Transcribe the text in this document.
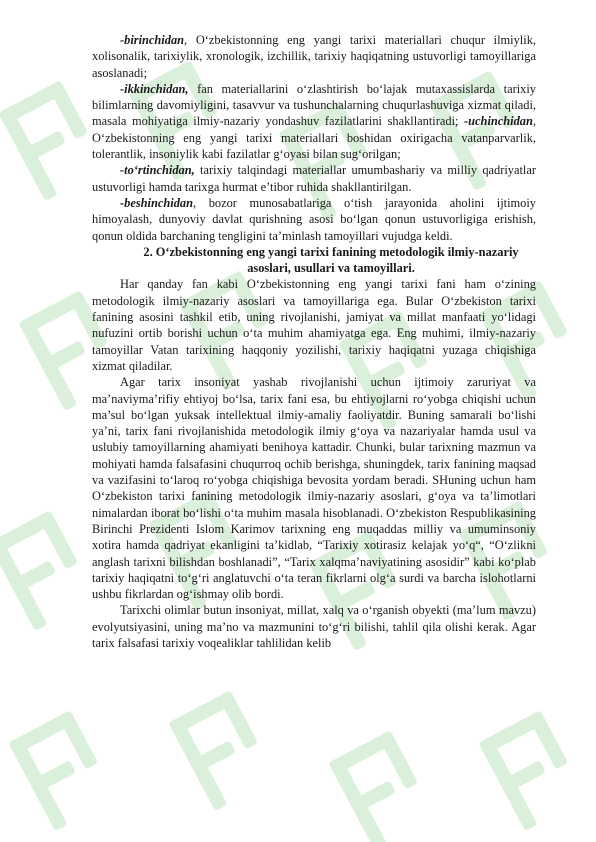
-birinchidan, O‘zbekistonning eng yangi tarixi materiallari chuqur ilmiylik, xolisonalik, tarixiylik, xronologik, izchillik, tarixiy haqiqatning ustuvorligi tamoyillariga asoslanadi;

-ikkinchidan, fan materiallarini o‘zlashtirish bo‘lajak mutaxassislarda tarixiy bilimlarning davomiyligini, tasavvur va tushunchalarning chuqurlashuviga xizmat qiladi, masala mohiyatiga ilmiy-nazariy yondashuv fazilatlarini shakllantiradi; -uchinchidan, O‘zbekistonning eng yangi tarixi materiallari boshidan oxirigacha vatanparvarlik, tolerantlik, insoniylik kabi fazilatlar g‘oyasi bilan sug‘orilgan;

-to‘rtinchidan, tarixiy talqindagi materiallar umumbashariy va milliy qadriyatlar ustuvorligi hamda tarixga hurmat e’tibor ruhida shakllantirilgan.

-beshinchidan, bozor munosabatlariga o‘tish jarayonida aholini ijtimoiy himoyalash, dunyoviy davlat qurishning asosi bo‘lgan qonun ustuvorligiga erishish, qonun oldida barchaning tengligini ta’minlash tamoyillari vujudga keldi.

2. O‘zbekistonning eng yangi tarixi fanining metodologik ilmiy-nazariy asoslari, usullari va tamoyillari.

Har qanday fan kabi O‘zbekistonning eng yangi tarixi fani ham o‘zining metodologik ilmiy-nazariy asoslari va tamoyillariga ega. Bular O‘zbekiston tarixi fanining asosini tashkil etib, uning rivojlanishi, jamiyat va millat manfaati yo‘lidagi nufuzini ortib borishi uchun o‘ta muhim ahamiyatga ega. Eng muhimi, ilmiy-nazariy tamoyillar Vatan tarixining haqqoniy yozilishi, tarixiy haqiqatni yuzaga chiqishiga xizmat qiladilar.

Agar tarix insoniyat yashab rivojlanishi uchun ijtimoiy zaruriyat va ma’naviyma’rifiy ehtiyoj bo‘lsa, tarix fani esa, bu ehtiyojlarni ro‘yobga chiqishi uchun ma’sul bo‘lgan yuksak intellektual ilmiy-amaliy faoliyatdir. Buning samarali bo‘lishi ya’ni, tarix fani rivojlanishida metodologik ilmiy g‘oya va nazariyalar hamda usul va uslubiy tamoyillarning ahamiyati benihoya kattadir. Chunki, bular tarixning mazmun va mohiyati hamda falsafasini chuqurroq ochib berishga, shuningdek, tarix fanining maqsad va vazifasini to‘laroq ro‘yobga chiqishiga bevosita yordam beradi. SHuning uchun ham O‘zbekiston tarixi fanining metodologik ilmiy-nazariy asoslari, g‘oya va ta’limotlari nimalardan iborat bo‘lishi o‘ta muhim masala hisoblanadi. O‘zbekiston Respublikasining Birinchi Prezidenti Islom Karimov tarixning eng muqaddas milliy va umuminsoniy xotira hamda qadriyat ekanligini ta’kidlab, “Tarixiy xotirasiz kelajak yo‘q“, “O‘zlikni anglash tarixni bilishdan boshlanadi”, “Tarix xalqma’naviyatining asosidir” kabi ko‘plab tarixiy haqiqatni to‘g‘ri anglatuvchi o‘ta teran fikrlarni olg‘a surdi va barcha islohotlarni ushbu fikrlardan og‘ishmay olib bordi.

Tarixchi olimlar butun insoniyat, millat, xalq va o‘rganish obyekti (ma’lum mavzu) evolyutsiyasini, uning ma’no va mazmunini to‘g‘ri bilishi, tahlil qila olishi kerak. Agar tarix falsafasi tarixiy voqealiklar tahlilidan kelib
